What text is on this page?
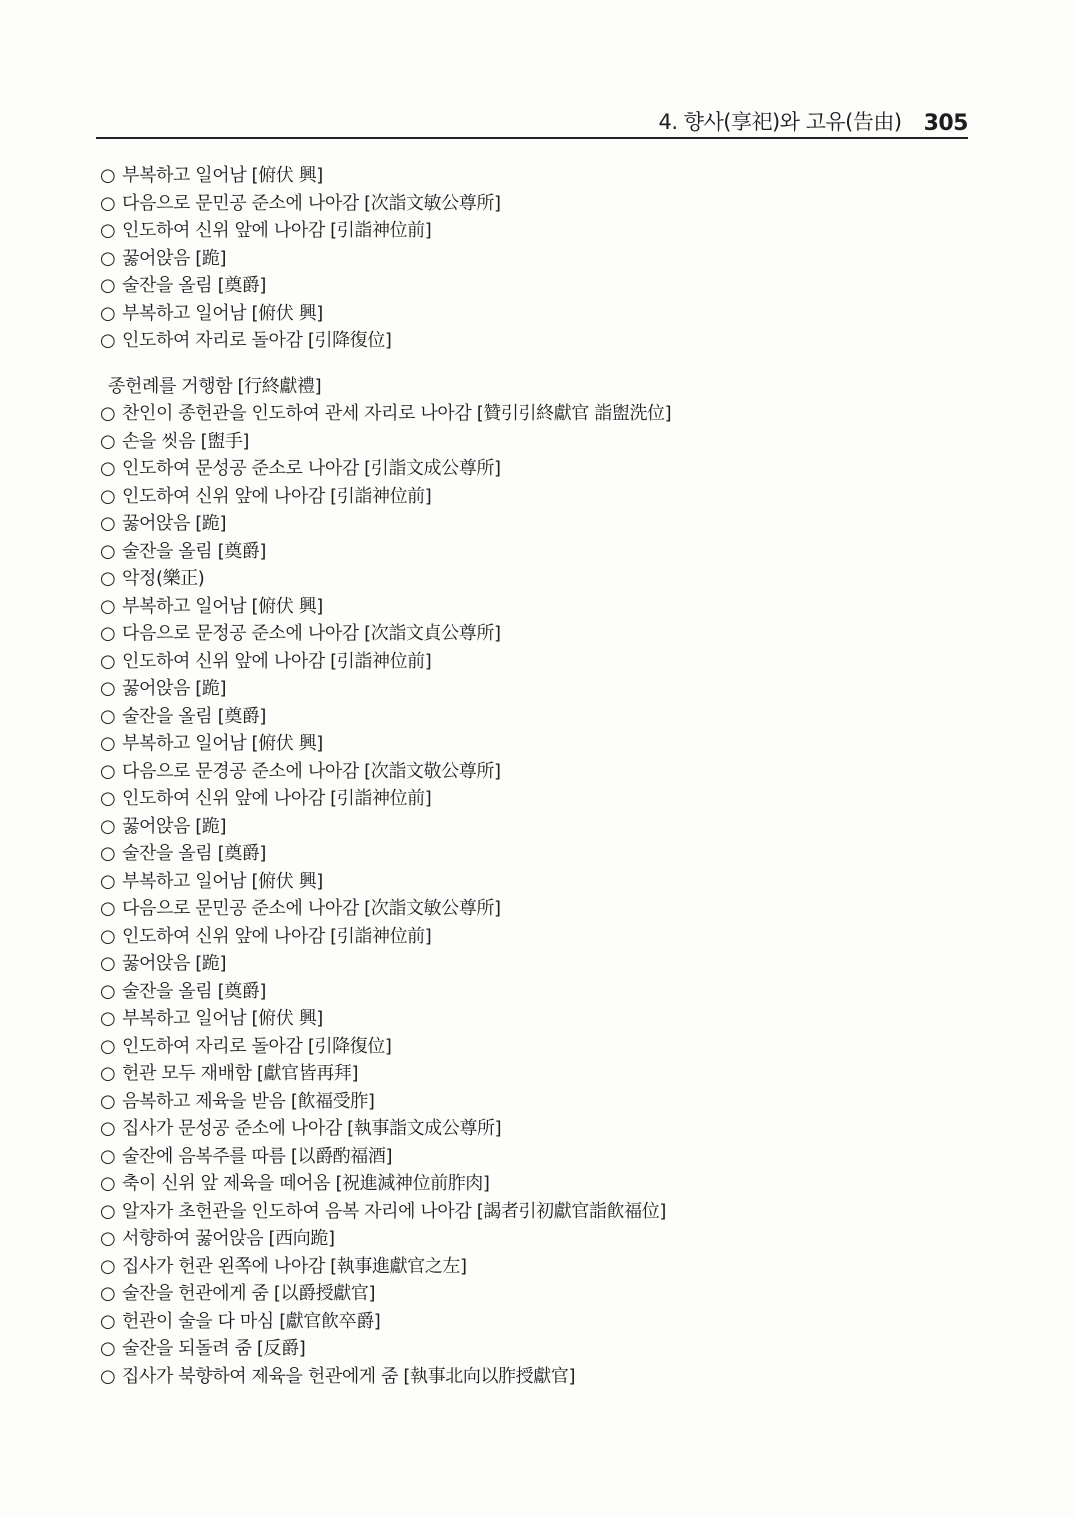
4. 향사(享祀)와 고유(告由) 305
○ 부복하고 일어남 [俯伏 興]
○ 다음으로 문민공 준소에 나아감 [次詣文敏公尊所]
○ 인도하여 신위 앞에 나아감 [引詣神位前]
○ 꿇어앉음 [跪]
○ 술잔을 올림 [奠爵]
○ 부복하고 일어남 [俯伏 興]
○ 인도하여 자리로 돌아감 [引降復位]
종헌례를 거행함 [行終獻禮]
○ 찬인이 종헌관을 인도하여 관세 자리로 나아감 [贊引引終獻官 詣盥洗位]
○ 손을 씻음 [盥手]
○ 인도하여 문성공 준소로 나아감 [引詣文成公尊所]
○ 인도하여 신위 앞에 나아감 [引詣神位前]
○ 꿇어앉음 [跪]
○ 술잔을 올림 [奠爵]
○ 악정(樂正)
○ 부복하고 일어남 [俯伏 興]
○ 다음으로 문정공 준소에 나아감 [次詣文貞公尊所]
○ 인도하여 신위 앞에 나아감 [引詣神位前]
○ 꿇어앉음 [跪]
○ 술잔을 올림 [奠爵]
○ 부복하고 일어남 [俯伏 興]
○ 다음으로 문경공 준소에 나아감 [次詣文敬公尊所]
○ 인도하여 신위 앞에 나아감 [引詣神位前]
○ 꿇어앉음 [跪]
○ 술잔을 올림 [奠爵]
○ 부복하고 일어남 [俯伏 興]
○ 다음으로 문민공 준소에 나아감 [次詣文敏公尊所]
○ 인도하여 신위 앞에 나아감 [引詣神位前]
○ 꿇어앉음 [跪]
○ 술잔을 올림 [奠爵]
○ 부복하고 일어남 [俯伏 興]
○ 인도하여 자리로 돌아감 [引降復位]
○ 헌관 모두 재배함 [獻官皆再拜]
○ 음복하고 제육을 받음 [飮福受胙]
○ 집사가 문성공 준소에 나아감 [執事詣文成公尊所]
○ 술잔에 음복주를 따름 [以爵酌福酒]
○ 축이 신위 앞 제육을 떼어옴 [祝進減神位前胙肉]
○ 알자가 초헌관을 인도하여 음복 자리에 나아감 [謁者引初獻官詣飮福位]
○ 서향하여 꿇어앉음 [西向跪]
○ 집사가 헌관 왼쪽에 나아감 [執事進獻官之左]
○ 술잔을 헌관에게 줌 [以爵授獻官]
○ 헌관이 술을 다 마심 [獻官飮卒爵]
○ 술잔을 되돌려 줌 [反爵]
○ 집사가 북향하여 제육을 헌관에게 줌 [執事北向以胙授獻官]
